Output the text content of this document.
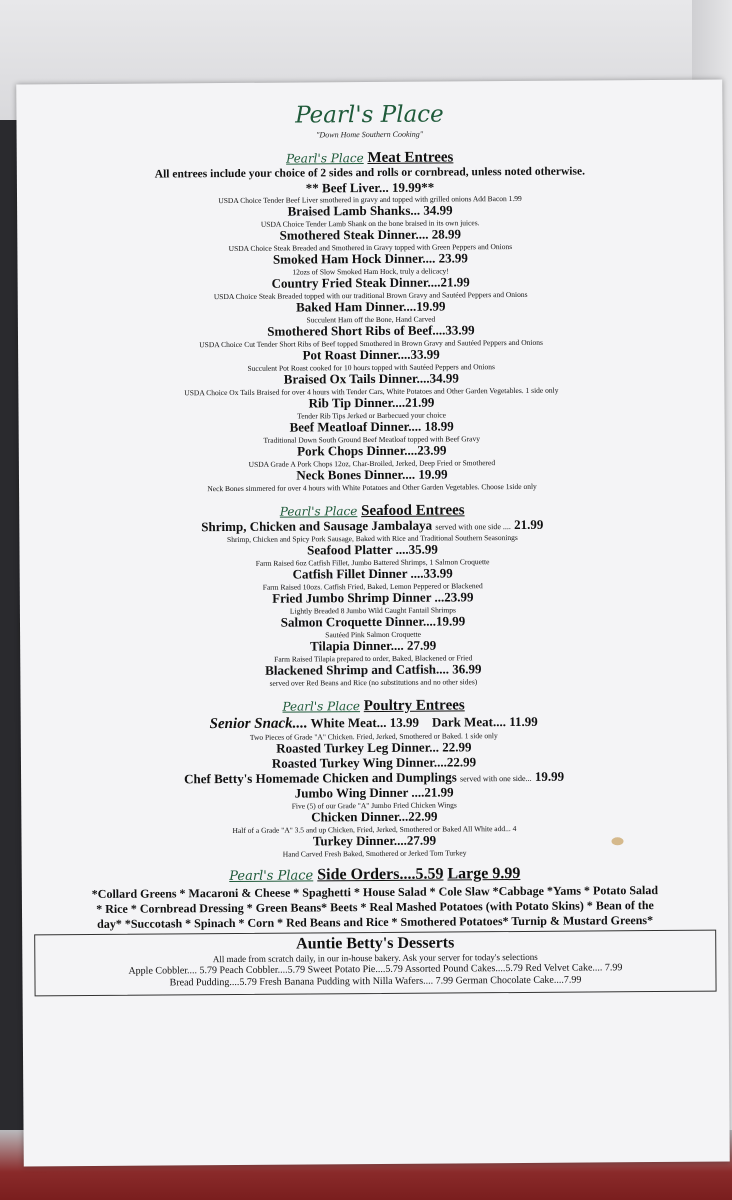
Pearl's Place
"Down Home Southern Cooking"
Pearl's Place Meat Entrees
All entrees include your choice of 2 sides and rolls or cornbread, unless noted otherwise.
** Beef Liver... 19.99**
USDA Choice Tender Beef Liver smothered in gravy and topped with grilled onions Add Bacon 1.99
Braised Lamb Shanks... 34.99
USDA Choice Tender Lamb Shank on the bone braised in its own juices.
Smothered Steak Dinner.... 28.99
USDA Choice Steak Breaded and Smothered in Gravy topped with Green Peppers and Onions
Smoked Ham Hock Dinner.... 23.99
12ozs of Slow Smoked Ham Hock, truly a delicacy!
Country Fried Steak Dinner....21.99
USDA Choice Steak Breaded topped with our traditional Brown Gravy and Sautéed Peppers and Onions
Baked Ham Dinner....19.99
Succulent Ham off the Bone, Hand Carved
Smothered Short Ribs of Beef....33.99
USDA Choice Cut Tender Short Ribs of Beef topped Smothered in Brown Gravy and Sautéed Peppers and Onions
Pot Roast Dinner....33.99
Succulent Pot Roast cooked for 10 hours topped with Sautéed Peppers and Onions
Braised Ox Tails Dinner....34.99
USDA Choice Ox Tails Braised for over 4 hours with Tender Cars, White Potatoes and Other Garden Vegetables. 1 side only
Rib Tip Dinner....21.99
Tender Rib Tips Jerked or Barbecued your choice
Beef Meatloaf Dinner.... 18.99
Traditional Down South Ground Beef Meatloaf topped with Beef Gravy
Pork Chops Dinner....23.99
USDA Grade A Pork Chops 12oz, Char-Broiled, Jerked, Deep Fried or Smothered
Neck Bones Dinner.... 19.99
Neck Bones simmered for over 4 hours with White Potatoes and Other Garden Vegetables. Choose 1side only
Pearl's Place Seafood Entrees
Shrimp, Chicken and Sausage Jambalaya served with one side .... 21.99
Shrimp, Chicken and Spicy Pork Sausage, Baked with Rice and Traditional Southern Seasonings
Seafood Platter ....35.99
Farm Raised 6oz Catfish Fillet, Jumbo Battered Shrimps, 1 Salmon Croquette
Catfish Fillet Dinner ....33.99
Farm Raised 10ozs. Catfish Fried, Baked, Lemon Peppered or Blackened
Fried Jumbo Shrimp Dinner ...23.99
Lightly Breaded 8 Jumbo Wild Caught Fantail Shrimps
Salmon Croquette Dinner....19.99
Sautéed Pink Salmon Croquette
Tilapia Dinner.... 27.99
Farm Raised Tilapia prepared to order, Baked, Blackened or Fried
Blackened Shrimp and Catfish.... 36.99
served over Red Beans and Rice (no substitutions and no other sides)
Pearl's Place Poultry Entrees
Senior Snack.... White Meat... 13.99 Dark Meat.... 11.99
Two Pieces of Grade "A" Chicken. Fried, Jerked, Smothered or Baked. 1 side only
Roasted Turkey Leg Dinner... 22.99
Roasted Turkey Wing Dinner....22.99
Chef Betty's Homemade Chicken and Dumplings served with one side... 19.99
Jumbo Wing Dinner ....21.99
Five (5) of our Grade "A" Jumbo Fried Chicken Wings
Chicken Dinner...22.99
Half of a Grade "A" 3.5 and up Chicken, Fried, Jerked, Smothered or Baked All White add... 4
Turkey Dinner....27.99
Hand Carved Fresh Baked, Smothered or Jerked Tom Turkey
Pearl's Place Side Orders....5.59 Large 9.99
*Collard Greens * Macaroni & Cheese * Spaghetti * House Salad * Cole Slaw *Cabbage *Yams * Potato Salad
* Rice * Cornbread Dressing * Green Beans* Beets * Real Mashed Potatoes (with Potato Skins) * Bean of the
day* *Succotash * Spinach * Corn * Red Beans and Rice * Smothered Potatoes* Turnip & Mustard Greens*
Auntie Betty's Desserts
All made from scratch daily, in our in-house bakery. Ask your server for today's selections
Apple Cobbler.... 5.79 Peach Cobbler....5.79 Sweet Potato Pie....5.79 Assorted Pound Cakes....5.79 Red Velvet Cake.... 7.99
Bread Pudding....5.79 Fresh Banana Pudding with Nilla Wafers.... 7.99 German Chocolate Cake....7.99
